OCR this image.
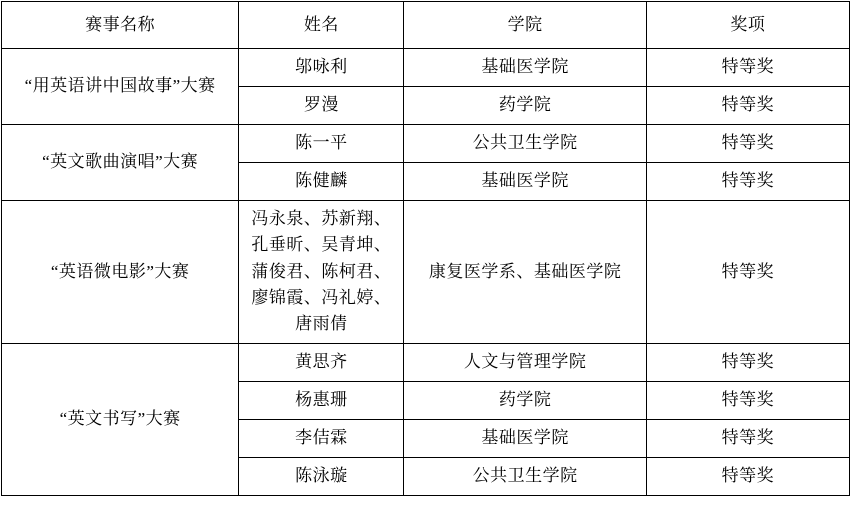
赛事名称	姓名	学院	奖项
“用英语讲中国故事”大赛	邬咏利	基础医学院	特等奖
	罗漫	药学院	特等奖
“英文歌曲演唱”大赛	陈一平	公共卫生学院	特等奖
	陈健麟	基础医学院	特等奖
“英语微电影”大赛	冯永泉、苏新翔、
孔垂昕、吴青坤、
蒲俊君、陈柯君、
廖锦霞、冯礼婷、
唐雨倩	康复医学系、基础医学院	特等奖
“英文书写”大赛	黄思齐	人文与管理学院	特等奖
	杨惠珊	药学院	特等奖
	李佶霖	基础医学院	特等奖
	陈泳璇	公共卫生学院	特等奖
